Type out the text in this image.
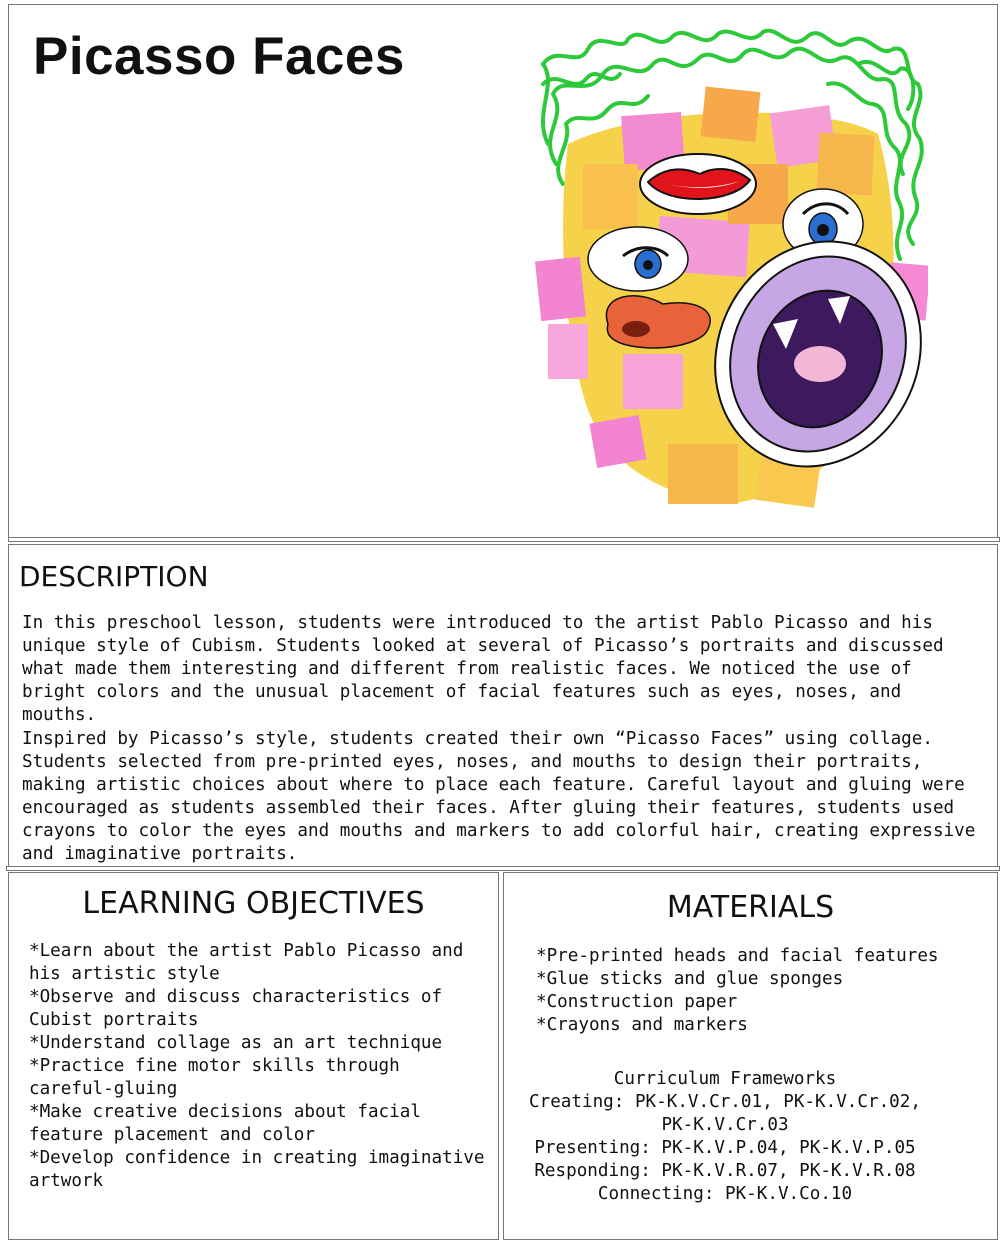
Picasso Faces
DESCRIPTION

In this preschool lesson, students were introduced to the artist Pablo Picasso and his unique style of Cubism. Students looked at several of Picasso’s portraits and discussed what made them interesting and different from realistic faces. We noticed the use of bright colors and the unusual placement of facial features such as eyes, noses, and mouths.

Inspired by Picasso’s style, students created their own “Picasso Faces” using collage. Students selected from pre-printed eyes, noses, and mouths to design their portraits, making artistic choices about where to place each feature. Careful layout and gluing were encouraged as students assembled their faces. After gluing their features, students used crayons to color the eyes and mouths and markers to add colorful hair, creating expressive and imaginative portraits.

LEARNING OBJECTIVES
*Learn about the artist Pablo Picasso and his artistic style
*Observe and discuss characteristics of Cubist portraits
*Understand collage as an art technique
*Practice fine motor skills through careful-gluing
*Make creative decisions about facial feature placement and color
*Develop confidence in creating imaginative artwork
MATERIALS
*Pre-printed heads and facial features
*Glue sticks and glue sponges
*Construction paper
*Crayons and markers
Curriculum Frameworks
Creating: PK-K.V.Cr.01, PK-K.V.Cr.02,
PK-K.V.Cr.03
Presenting: PK-K.V.P.04, PK-K.V.P.05
Responding: PK-K.V.R.07, PK-K.V.R.08
Connecting: PK-K.V.Co.10
